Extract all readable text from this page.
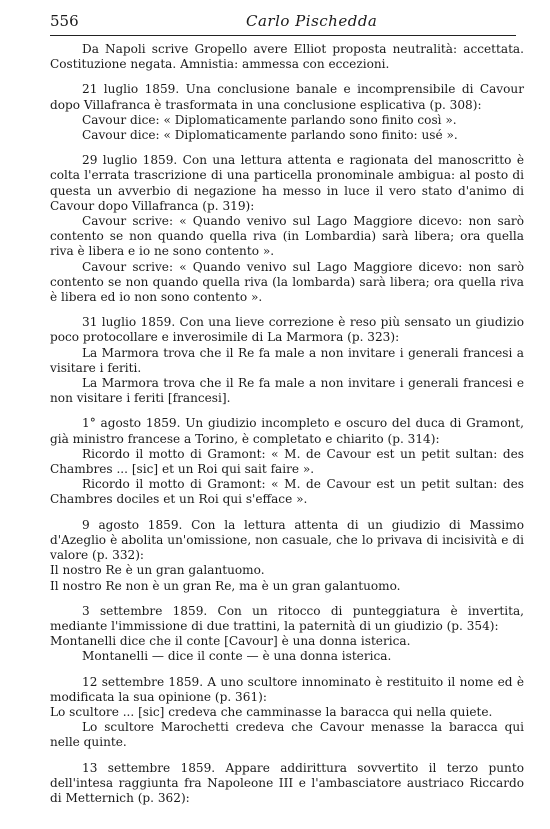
556	Carlo Pischedda

Da Napoli scrive Gropello avere Elliot proposta neutralità: accettata. Costituzione negata. Amnistia: ammessa con eccezioni.

21 luglio 1859. Una conclusione banale e incomprensibile di Cavour dopo Villafranca è trasformata in una conclusione esplicativa (p. 308):

Cavour dice: « Diplomaticamente parlando sono finito così ».

Cavour dice: « Diplomaticamente parlando sono finito: usé ».

29 luglio 1859. Con una lettura attenta e ragionata del manoscritto è colta l'errata trascrizione di una particella pronominale ambigua: al posto di questa un avverbio di negazione ha messo in luce il vero stato d'animo di Cavour dopo Villafranca (p. 319):

Cavour scrive: « Quando venivo sul Lago Maggiore dicevo: non sarò contento se non quando quella riva (in Lombardia) sarà libera; ora quella riva è libera e io ne sono contento ».

Cavour scrive: « Quando venivo sul Lago Maggiore dicevo: non sarò contento se non quando quella riva (la lombarda) sarà libera; ora quella riva è libera ed io non sono contento ».

31 luglio 1859. Con una lieve correzione è reso più sensato un giudizio poco protocollare e inverosimile di La Marmora (p. 323):

La Marmora trova che il Re fa male a non invitare i generali francesi a visitare i feriti.

La Marmora trova che il Re fa male a non invitare i generali francesi e non visitare i feriti [francesi].

1° agosto 1859. Un giudizio incompleto e oscuro del duca di Gramont, già ministro francese a Torino, è completato e chiarito (p. 314):

Ricordo il motto di Gramont: « M. de Cavour est un petit sultan: des Chambres ... [sic] et un Roi qui sait faire ».

Ricordo il motto di Gramont: « M. de Cavour est un petit sultan: des Chambres dociles et un Roi qui s'efface ».

9 agosto 1859. Con la lettura attenta di un giudizio di Massimo d'Azeglio è abolita un'omissione, non casuale, che lo privava di incisività e di valore (p. 332):

Il nostro Re è un gran galantuomo.

Il nostro Re non è un gran Re, ma è un gran galantuomo.

3 settembre 1859. Con un ritocco di punteggiatura è invertita, mediante l'immissione di due trattini, la paternità di un giudizio (p. 354):

Montanelli dice che il conte [Cavour] è una donna isterica.

Montanelli — dice il conte — è una donna isterica.

12 settembre 1859. A uno scultore innominato è restituito il nome ed è modificata la sua opinione (p. 361):

Lo scultore ... [sic] credeva che camminasse la baracca qui nella quiete.

Lo scultore Marochetti credeva che Cavour menasse la baracca qui nelle quinte.

13 settembre 1859. Appare addirittura sovvertito il terzo punto dell'intesa raggiunta fra Napoleone III e l'ambasciatore austriaco Riccardo di Metternich (p. 362):
